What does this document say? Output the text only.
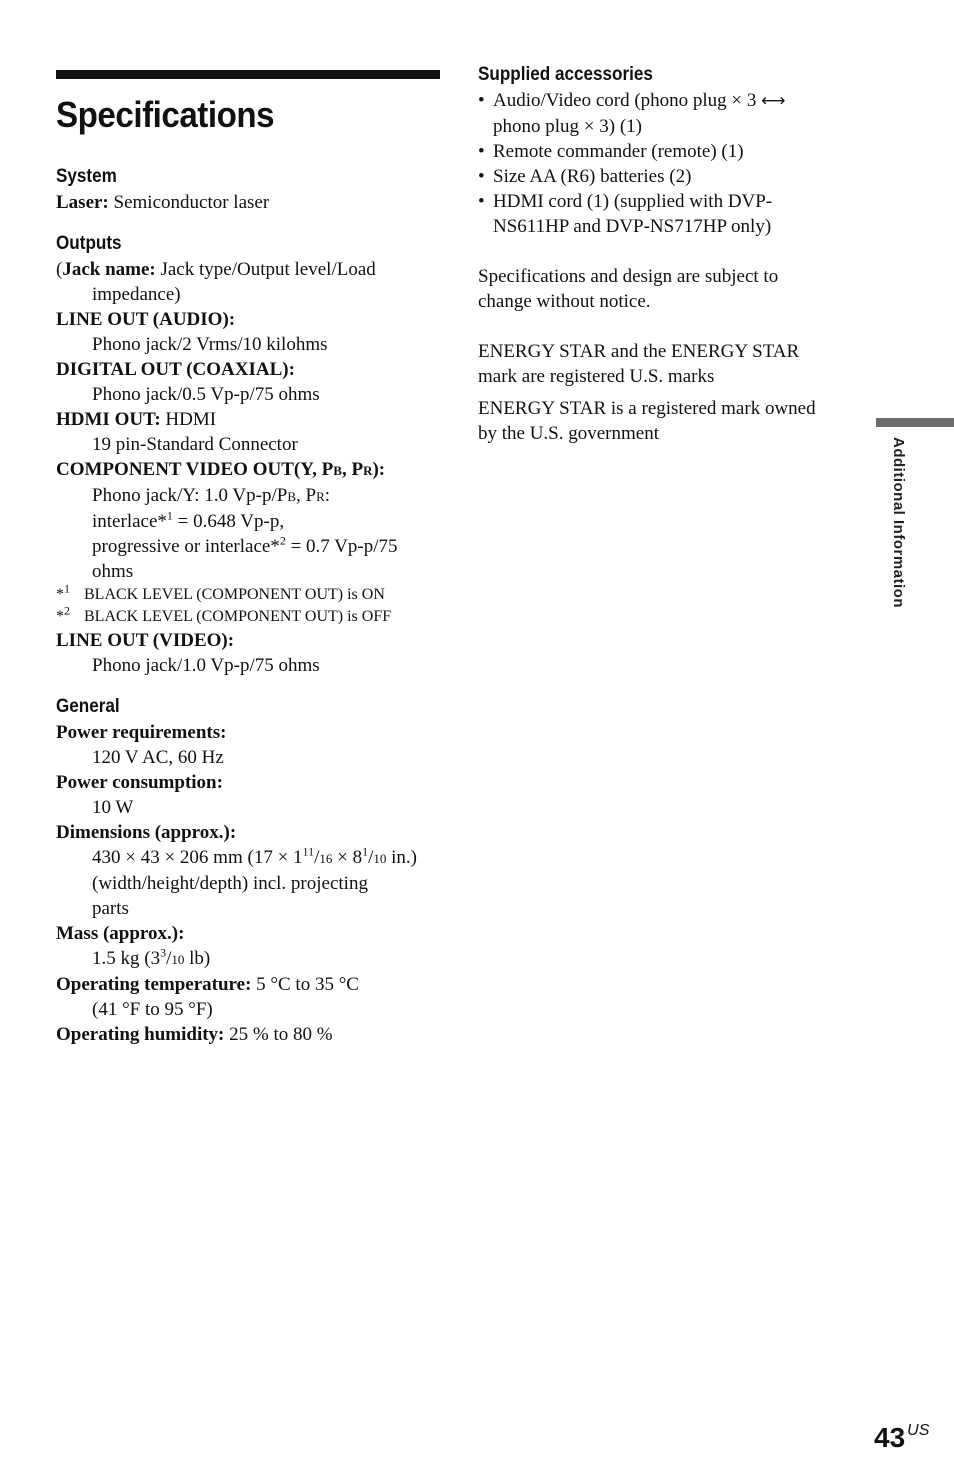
Specifications
System
Laser: Semiconductor laser
Outputs
(Jack name: Jack type/Output level/Load
impedance)
LINE OUT (AUDIO):
Phono jack/2 Vrms/10 kilohms
DIGITAL OUT (COAXIAL):
Phono jack/0.5 Vp-p/75 ohms
HDMI OUT: HDMI
19 pin-Standard Connector
COMPONENT VIDEO OUT(Y, PB, PR):
Phono jack/Y: 1.0 Vp-p/PB, PR:
interlace*$^1$ = 0.648 Vp-p,
progressive or interlace*$^2$ = 0.7 Vp-p/75
ohms
*$^1$ BLACK LEVEL (COMPONENT OUT) is ON
*$^2$ BLACK LEVEL (COMPONENT OUT) is OFF
LINE OUT (VIDEO):
Phono jack/1.0 Vp-p/75 ohms
General
Power requirements:
120 V AC, 60 Hz
Power consumption:
10 W
Dimensions (approx.):
430 × 43 × 206 mm ($17 \times 1^{11}/16 \times 8^1/10$ in.)
(width/height/depth) incl. projecting
parts
Mass (approx.):
1.5 kg ($3^3/10$ lb)
Operating temperature: 5 °C to 35 °C
(41 °F to 95 °F)
Operating humidity: 25 % to 80 %
Supplied accessories
• Audio/Video cord (phono plug × 3 ⟷
phono plug × 3) (1)
• Remote commander (remote) (1)
• Size AA (R6) batteries (2)
• HDMI cord (1) (supplied with DVP-
NS611HP and DVP-NS717HP only)
Specifications and design are subject to
change without notice.
ENERGY STAR and the ENERGY STAR
mark are registered U.S. marks
ENERGY STAR is a registered mark owned
by the U.S. government
Additional Information
43 US
